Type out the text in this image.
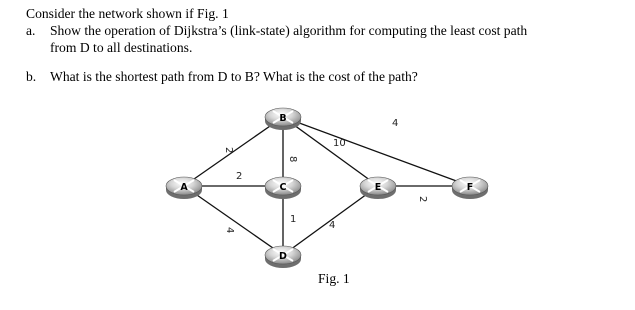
Consider the network shown if Fig. 1
a. Show the operation of Dijkstra’s (link-state) algorithm for computing the least cost path
from D to all destinations.
b. What is the shortest path from D to B? What is the cost of the path?
2
2
4
8
10
4
1
4
2
A
B
C
D
E	F
Fig. 1
